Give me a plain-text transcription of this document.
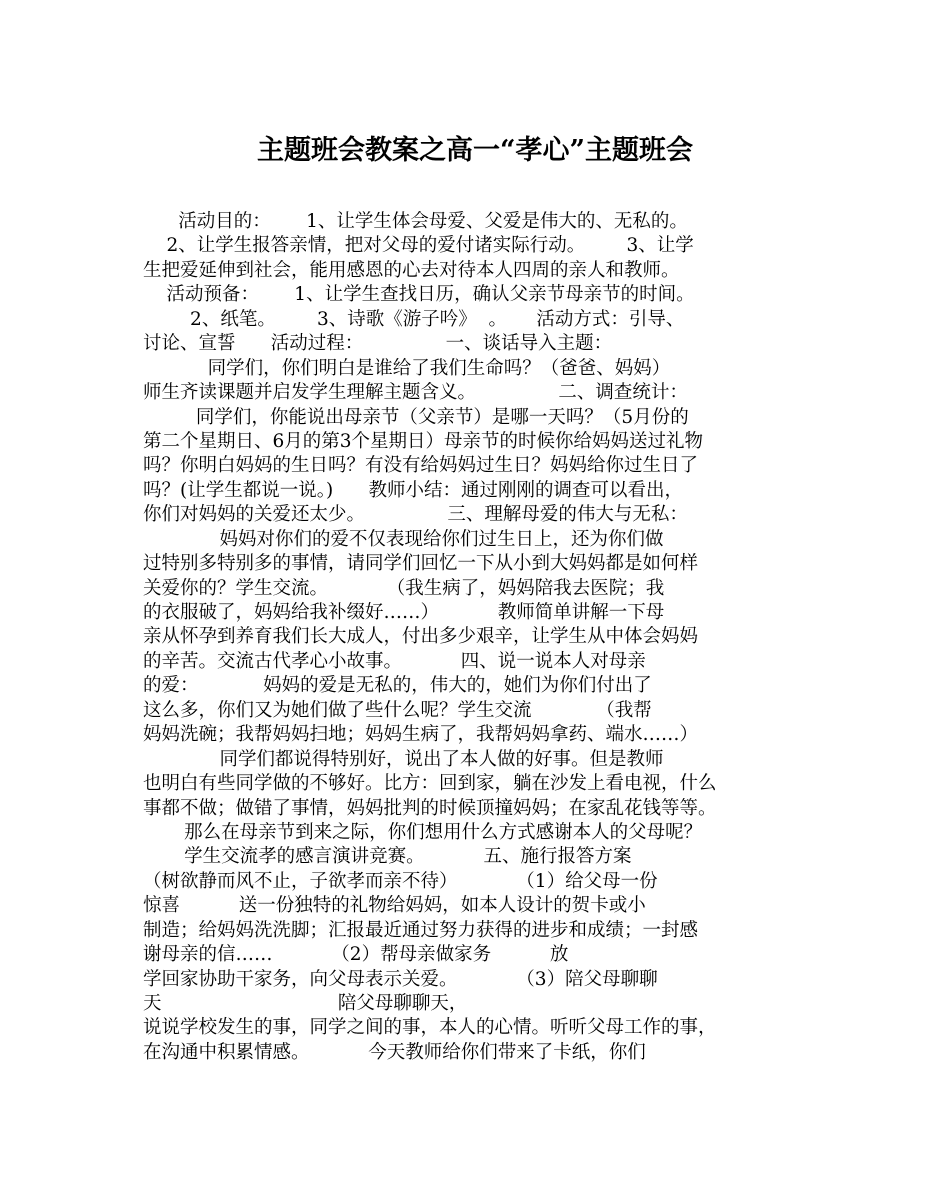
主题班会教案之高一“孝心”主题班会
活动目的：      1、让学生体会母爱、父爱是伟大的、无私的。
2、让学生报答亲情，把对父母的爱付诸实际行动。       3、让学
生把爱延伸到社会，能用感恩的心去对待本人四周的亲人和教师。
活动预备：      1、让学生查找日历，确认父亲节母亲节的时间。
2、纸笔。       3、诗歌《游子吟》  。     活动方式：引导、
讨论、宣誓      活动过程：              一、谈话导入主题：
同学们，你们明白是谁给了我们生命吗？（爸爸、妈妈）
师生齐读课题并启发学生理解主题含义。              二、调查统计：
同学们，你能说出母亲节（父亲节）是哪一天吗？（5月份的
第二个星期日、6月的第3个星期日）母亲节的时候你给妈妈送过礼物
吗？你明白妈妈的生日吗？有没有给妈妈过生日？妈妈给你过生日了
吗？(让学生都说一说。)      教师小结：通过刚刚的调查可以看出，
你们对妈妈的关爱还太少。              三、理解母爱的伟大与无私：
妈妈对你们的爱不仅表现给你们过生日上，还为你们做
过特别多特别多的事情，请同学们回忆一下从小到大妈妈都是如何样
关爱你的？学生交流。          （我生病了，妈妈陪我去医院；我
的衣服破了，妈妈给我补缀好……）          教师简单讲解一下母
亲从怀孕到养育我们长大成人，付出多少艰辛，让学生从中体会妈妈
的辛苦。交流古代孝心小故事。          四、说一说本人对母亲
的爱：           妈妈的爱是无私的，伟大的，她们为你们付出了
这么多，你们又为她们做了些什么呢？学生交流           （我帮
妈妈洗碗；我帮妈妈扫地；妈妈生病了，我帮妈妈拿药、端水……）
同学们都说得特别好，说出了本人做的好事。但是教师
也明白有些同学做的不够好。比方：回到家，躺在沙发上看电视，什么
事都不做；做错了事情，妈妈批判的时候顶撞妈妈；在家乱花钱等等。
那么在母亲节到来之际，你们想用什么方式感谢本人的父母呢？
学生交流孝的感言演讲竞赛。          五、施行报答方案
（树欲静而风不止，子欲孝而亲不待）          （1）给父母一份
惊喜          送一份独特的礼物给妈妈，如本人设计的贺卡或小
制造；给妈妈洗洗脚；汇报最近通过努力获得的进步和成绩；一封感
谢母亲的信……          （2）帮母亲做家务          放
学回家协助干家务，向父母表示关爱。          （3）陪父母聊聊
天                              陪父母聊聊天，
说说学校发生的事，同学之间的事，本人的心情。听听父母工作的事，
在沟通中积累情感。          今天教师给你们带来了卡纸，你们
